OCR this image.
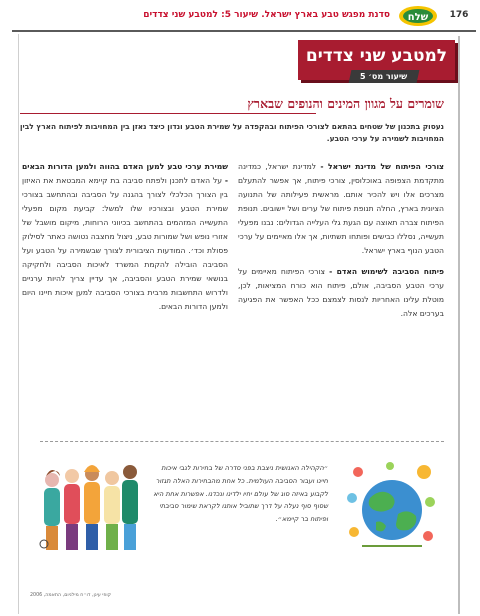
176
שלח
סדנת מפגש טבע בארץ ישראל. שיעור 5: למטבע שני צדדים
למטבע שני צדדים
שיעור מס׳ 5
שומרים על מגוון המינים והנופים שבארץ
נעסוק בתכנון של שטחים בהתאם לצורכי הפיתוח ובהקפדה על שמירת הטבע ונדון כיצד נאזן בין המחויבות לפיתוח הארץ לבין המחויבות לשמירה על ערכי הטבע.

צורכי הפיתוח של מדינת ישראל - למדינת ישראל, כמדינה מתקדמת הצפופה באוכלוסין, צורכי פיתוח, אך אפשר להתעלם מצרכים אלו ויש להכיר אותם. מראשית פעילותה של התנועה הציונית בארץ, החלה תנופת פיתוח של ערים ושל יישובים. תנופת הפיתוח צברה תאוצה עם הגעת גלי העלייה הגדולים: נבנו מפעלי תעשייה, נסללו כבישים ופותחו תשתיות, אך אלו מאיימים על ערכי הטבע הנוף בארץ ישראל.

פיתוח הסביבה לשימוש האדם - צורכי הפיתוח מאיימים על ערכי הטבע הסביבה, אולם, פיתוח הוא כורח המציאות, לכן, מוטלת עלינו האחריות לנסות לצמצם ככל האפשר את הפגיעה בערכים אלה.

שמירת ערכי טבע למען האדם בהווה ולמען הדורות הבאים - על האדם לתכנן ולפתח סביבה בת קיימא המבטאת את האיזון בין הצורך הכלכלי לצורך בהגנה על הסביבה ובהתחשב בצורכי שמירת הטבע ובצורכיו שלו למשל: קביעת מקום מפעלי התעשייה המזהמים בהתחשב בכיווני הרוחות, מיקום מושבל של אזורי נופש ושל שמורות טבע, ניצול מחצבה נטושה כאתר לסילוק פסולת וכד׳. המודעות הציבורית לצורך שבשמירה על הטבע ועל הסביבה הובילה להקמת המשרד לאיכות הסביבה ולחקיקה בנושאי שמירת הטבע והסביבה, אך עדיין צריך להיות ערניים ולדרוש התחשבות מרבית בצורכי הסביבה למען איכות חיינו היום ולמען הדורות הבאים.

״הקהילה האנושית ניצבת בפני סדרה של בחירות לגבי איכות חיינו ועבור הסביבה העולמית. כל אחת מהבחירות האלה תגזור לקבוע באיזה סוג של עולם יחיו ילדינו ונכדנו. אפשרות אחת היא שסוף סוף נעלה על דרך שתוביל אותנו לקראת שימור סביבתי ופיתוח בר קיימא״.
קופי עינן, דו״ח מילניום, התאמה, 2006
